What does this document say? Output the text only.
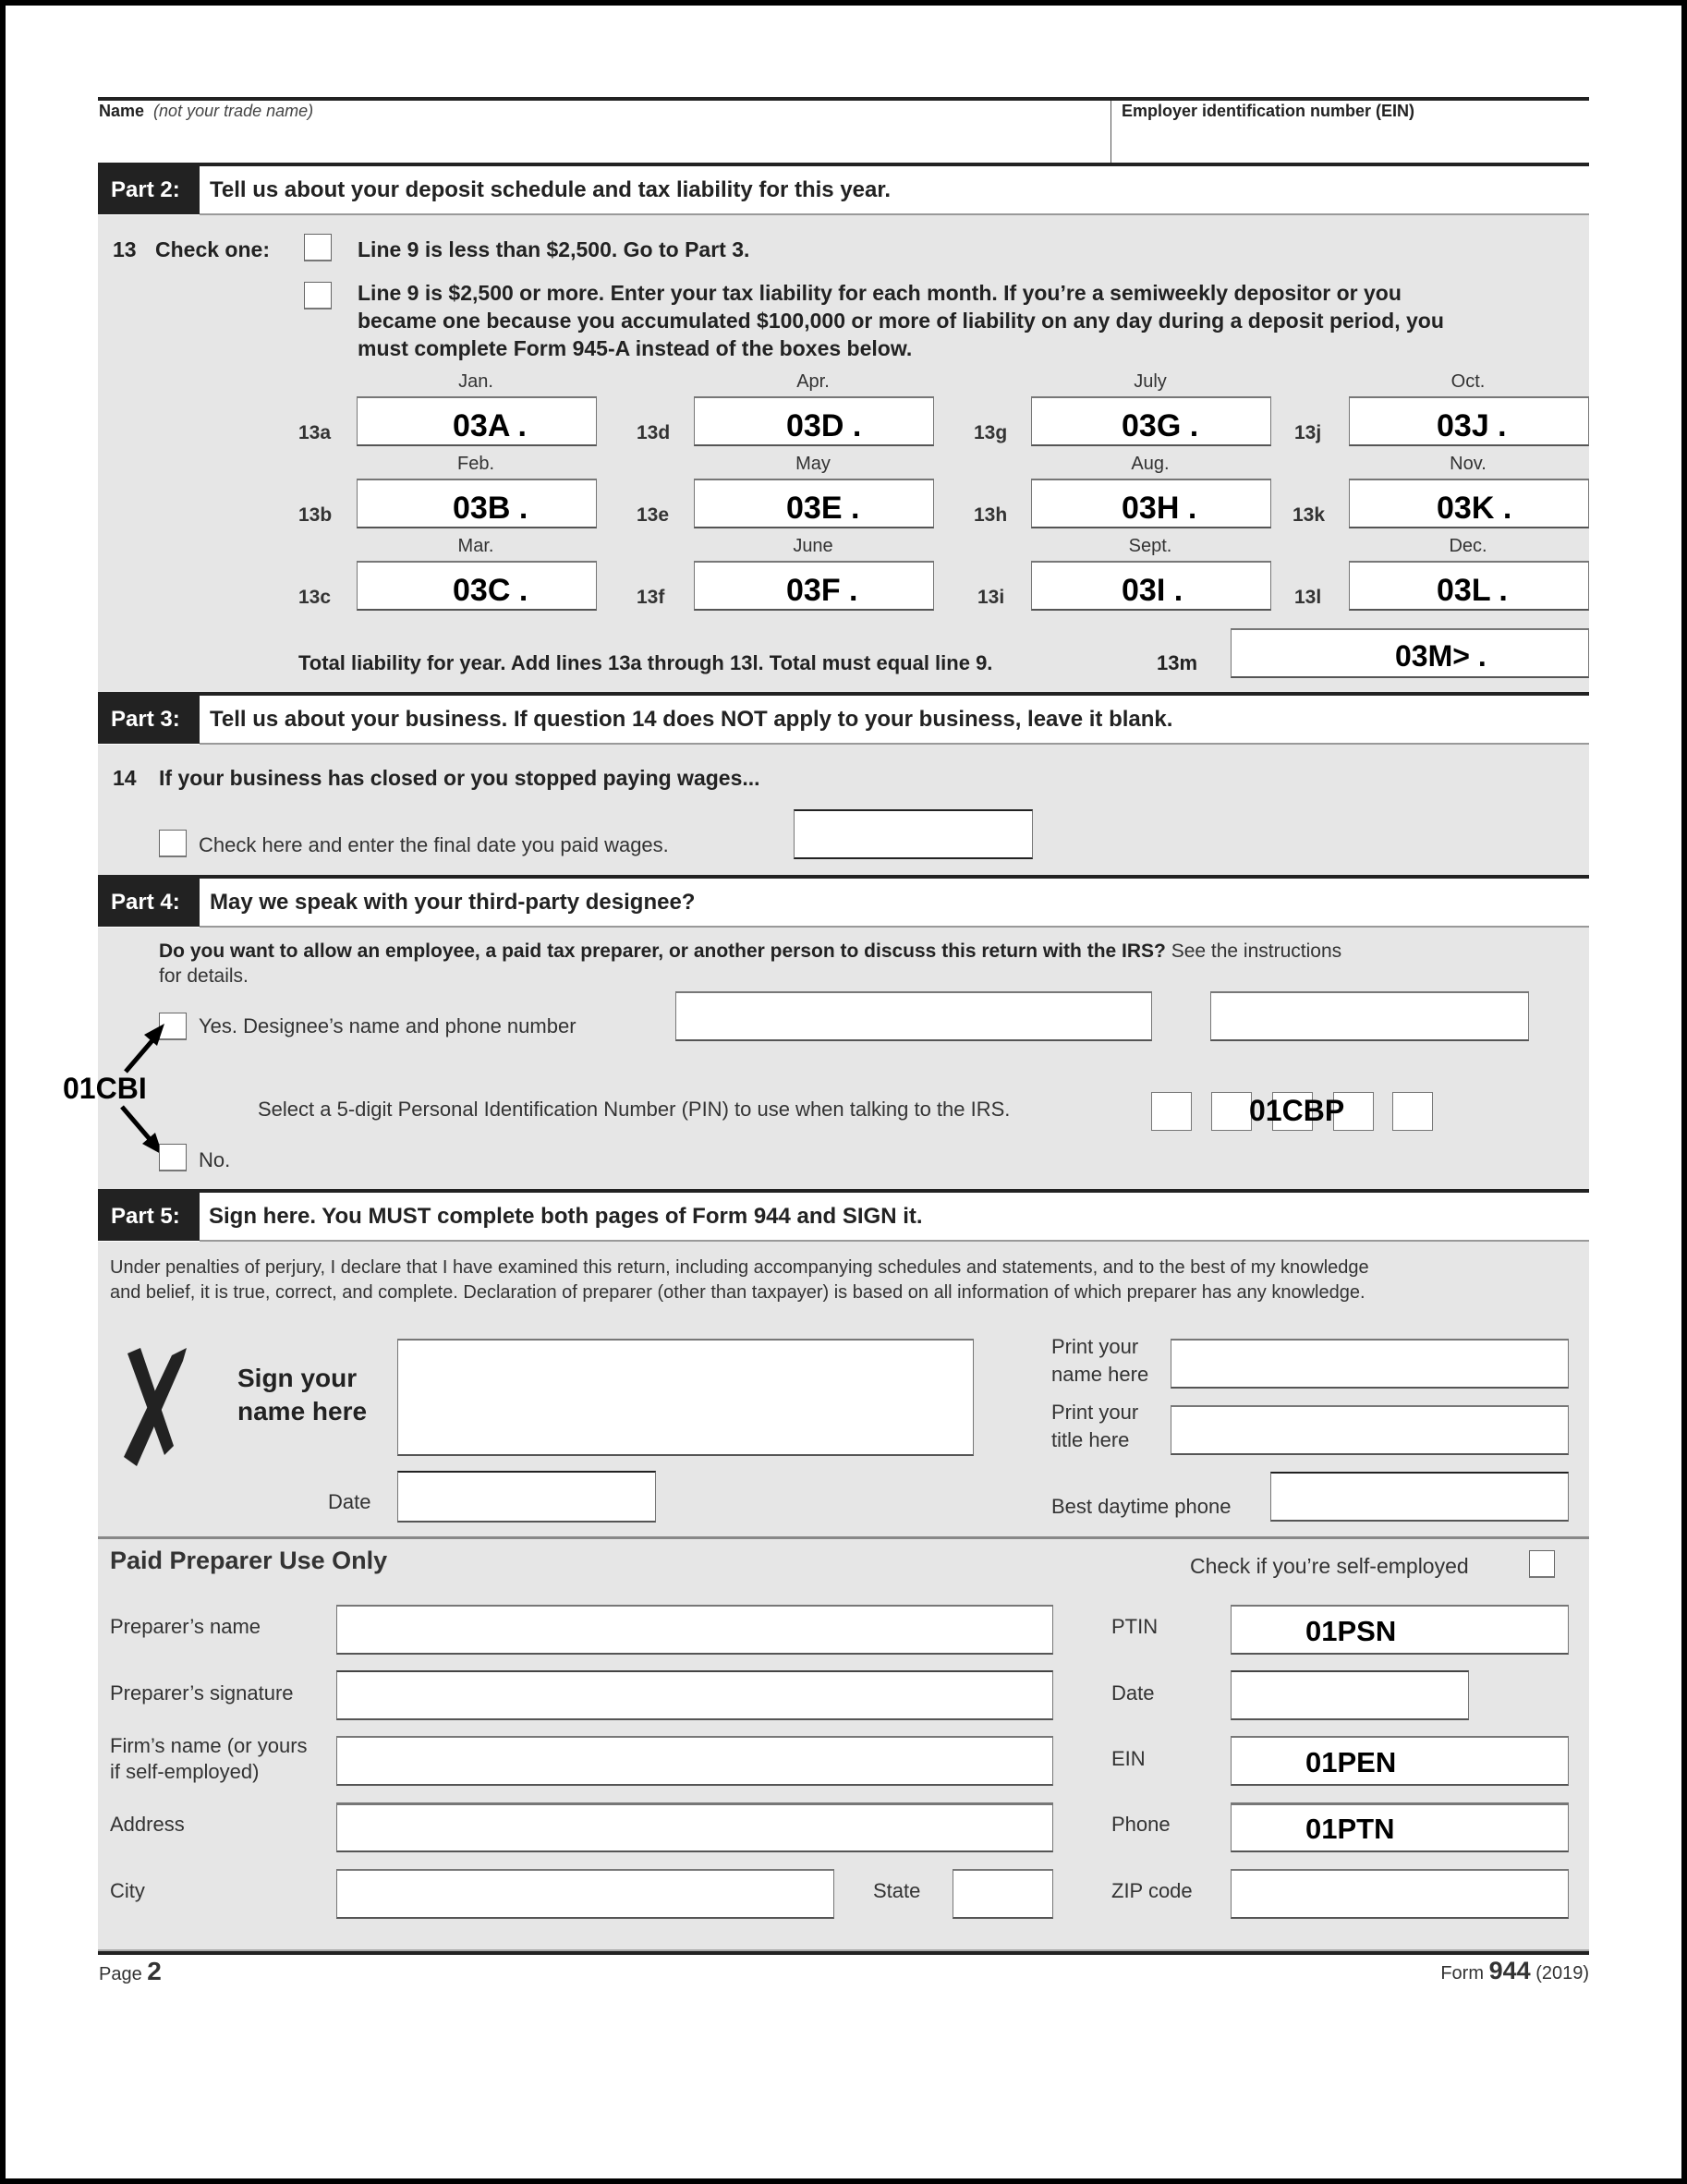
Name (not your trade name)	Employer identification number (EIN)
Part 2:	Tell us about your deposit schedule and tax liability for this year.
13 Check one:	Line 9 is less than $2,500. Go to Part 3.
Line 9 is $2,500 or more. Enter your tax liability for each month. If you’re a semiweekly depositor or you
became one because you accumulated $100,000 or more of liability on any day during a deposit period, you
must complete Form 945-A instead of the boxes below.
Jan.
13a	03A .
Feb.
13b	03B .
Mar.
13c	03C .
Apr.
13d	03D .
May
13e	03E .
June
13f	03F .
July
13g	03G .
Aug.
13h	03H .
Sept.
13i	03I .
Oct.
13j	03J .
Nov.
13k	03K .
Dec.
13l	03L .
Total liability for year. Add lines 13a through 13l. Total must equal line 9.	13m	03M> .
Part 3:	Tell us about your business. If question 14 does NOT apply to your business, leave it blank.
14 If your business has closed or you stopped paying wages...
Check here and enter the final date you paid wages.
Part 4:	May we speak with your third-party designee?
Do you want to allow an employee, a paid tax preparer, or another person to discuss this return with the IRS? See the instructions
for details.
Yes. Designee’s name and phone number
01CBI
Select a 5-digit Personal Identification Number (PIN) to use when talking to the IRS.	01CBP
No.
Part 5:	Sign here. You MUST complete both pages of Form 944 and SIGN it.
Under penalties of perjury, I declare that I have examined this return, including accompanying schedules and statements, and to the best of my knowledge
and belief, it is true, correct, and complete. Declaration of preparer (other than taxpayer) is based on all information of which preparer has any knowledge.
Sign your
name here
Date
Print your
name here
Print your
title here
Best daytime phone
Paid Preparer Use Only	Check if you’re self-employed
Preparer’s name	PTIN	01PSN
Preparer’s signature	Date
Firm’s name (or yours
if self-employed)
EIN	01PEN
Address	Phone	01PTN
City	State	ZIP code
Page 2	Form 944 (2019)
